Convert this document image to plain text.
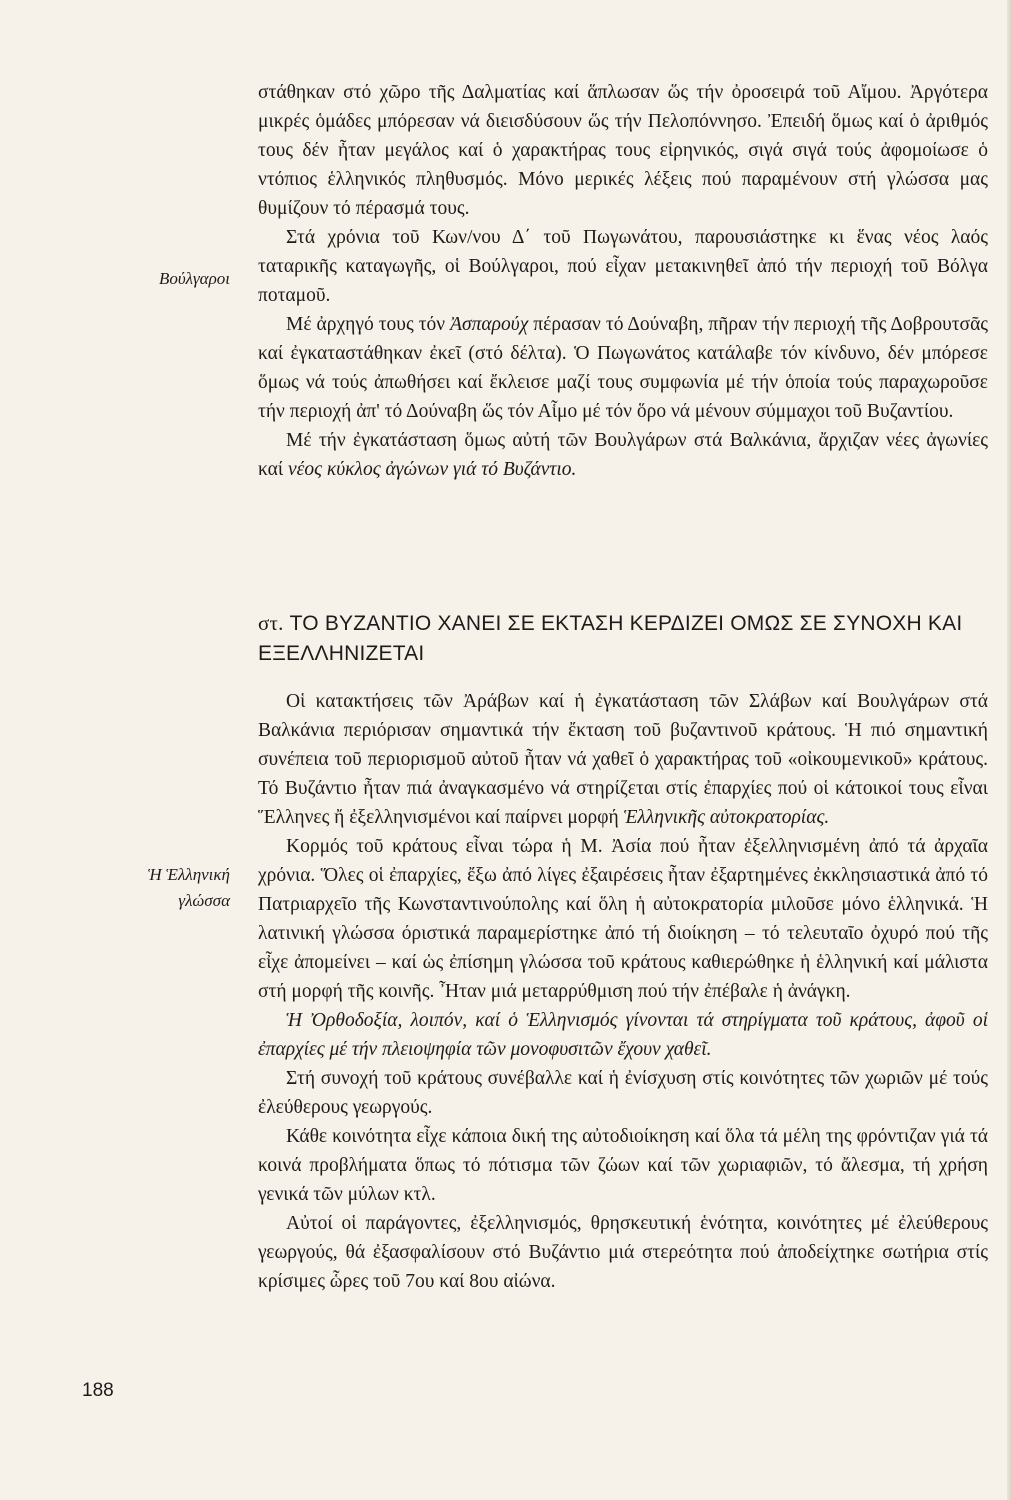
στάθηκαν στό χῶρο τῆς Δαλματίας καί ἅπλωσαν ὥς τήν ὀροσειρά τοῦ Αἴμου. Ἀργότερα μικρές ὁμάδες μπόρεσαν νά διεισδύσουν ὥς τήν Πελοπόννησο. Ἐπειδή ὅμως καί ὁ ἀριθμός τους δέν ἦταν μεγάλος καί ὁ χαρακτήρας τους εἰρηνικός, σιγά σιγά τούς ἀφομοίωσε ὁ ντόπιος ἑλληνικός πληθυσμός. Μόνο μερικές λέξεις πού παραμένουν στή γλώσσα μας θυμίζουν τό πέρασμά τους.

Στά χρόνια τοῦ Κων/νου Δ΄ τοῦ Πωγωνάτου, παρουσιάστηκε κι ἕνας νέος λαός ταταρικῆς καταγωγῆς, οἱ Βούλγαροι, πού εἶχαν μετακινηθεῖ ἀπό τήν περιοχή τοῦ Βόλγα ποταμοῦ.

Μέ ἀρχηγό τους τόν Ἀσπαρούχ πέρασαν τό Δούναβη, πῆραν τήν περιοχή τῆς Δοβρουτσᾶς καί ἐγκαταστάθηκαν ἐκεῖ (στό δέλτα). Ὁ Πωγωνάτος κατάλαβε τόν κίνδυνο, δέν μπόρεσε ὅμως νά τούς ἀπωθήσει καί ἔκλεισε μαζί τους συμφωνία μέ τήν ὁποία τούς παραχωροῦσε τήν περιοχή ἀπ' τό Δούναβη ὥς τόν Αἷμο μέ τόν ὅρο νά μένουν σύμμαχοι τοῦ Βυζαντίου.

Μέ τήν ἐγκατάσταση ὅμως αὐτή τῶν Βουλγάρων στά Βαλκάνια, ἄρχιζαν νέες ἀγωνίες καί νέος κύκλος ἀγώνων γιά τό Βυζάντιο.

Βούλγαροι
στ. ΤΟ ΒΥΖΑΝΤΙΟ ΧΑΝΕΙ ΣΕ ΕΚΤΑΣΗ ΚΕΡΔΙΖΕΙ ΟΜΩΣ ΣΕ ΣΥΝΟΧΗ ΚΑΙ ΕΞΕΛΛΗΝΙΖΕΤΑΙ

Οἱ κατακτήσεις τῶν Ἀράβων καί ἡ ἐγκατάσταση τῶν Σλάβων καί Βουλγάρων στά Βαλκάνια περιόρισαν σημαντικά τήν ἔκταση τοῦ βυζαντινοῦ κράτους. Ἡ πιό σημαντική συνέπεια τοῦ περιορισμοῦ αὐτοῦ ἦταν νά χαθεῖ ὁ χαρακτήρας τοῦ «οἰκουμενικοῦ» κράτους. Τό Βυζάντιο ἦταν πιά ἀναγκασμένο νά στηρίζεται στίς ἐπαρχίες πού οἱ κάτοικοί τους εἶναι Ἕλληνες ἤ ἐξελληνισμένοι καί παίρνει μορφή Ἑλληνικῆς αὐτοκρατορίας.

Κορμός τοῦ κράτους εἶναι τώρα ἡ Μ. Ἀσία πού ἦταν ἐξελληνισμένη ἀπό τά ἀρχαῖα χρόνια. Ὅλες οἱ ἐπαρχίες, ἔξω ἀπό λίγες ἐξαιρέσεις ἦταν ἐξαρτημένες ἐκκλησιαστικά ἀπό τό Πατριαρχεῖο τῆς Κωνσταντινούπολης καί ὅλη ἡ αὐτοκρατορία μιλοῦσε μόνο ἑλληνικά. Ἡ λατινική γλώσσα όριστικά παραμερίστηκε ἀπό τή διοίκηση – τό τελευταῖο ὀχυρό πού τῆς εἶχε ἀπομείνει – καί ὡς ἐπίσημη γλώσσα τοῦ κράτους καθιερώθηκε ἡ ἑλληνική καί μάλιστα στή μορφή τῆς κοινῆς. Ἦταν μιά μεταρρύθμιση πού τήν ἐπέβαλε ἡ ἀνάγκη.

Ἡ Ὀρθοδοξία, λοιπόν, καί ὁ Ἑλληνισμός γίνονται τά στηρίγματα τοῦ κράτους, ἀφοῦ οἱ ἐπαρχίες μέ τήν πλειοψηφία τῶν μονοφυσιτῶν ἔχουν χαθεῖ.

Στή συνοχή τοῦ κράτους συνέβαλλε καί ἡ ἐνίσχυση στίς κοινότητες τῶν χωριῶν μέ τούς ἐλεύθερους γεωργούς.

Κάθε κοινότητα εἶχε κάποια δική της αὐτοδιοίκηση καί ὅλα τά μέλη της φρόντιζαν γιά τά κοινά προβλήματα ὅπως τό πότισμα τῶν ζώων καί τῶν χωριαφιῶν, τό ἄλεσμα, τή χρήση γενικά τῶν μύλων κτλ.

Αὐτοί οἱ παράγοντες, ἐξελληνισμός, θρησκευτική ἑνότητα, κοινότητες μέ ἐλεύθερους γεωργούς, θά ἐξασφαλίσουν στό Βυζάντιο μιά στερεότητα πού ἀποδείχτηκε σωτήρια στίς κρίσιμες ὧρες τοῦ 7ου καί 8ου αἰώνα.

Ἡ Ἑλληνική
γλώσσα
188
